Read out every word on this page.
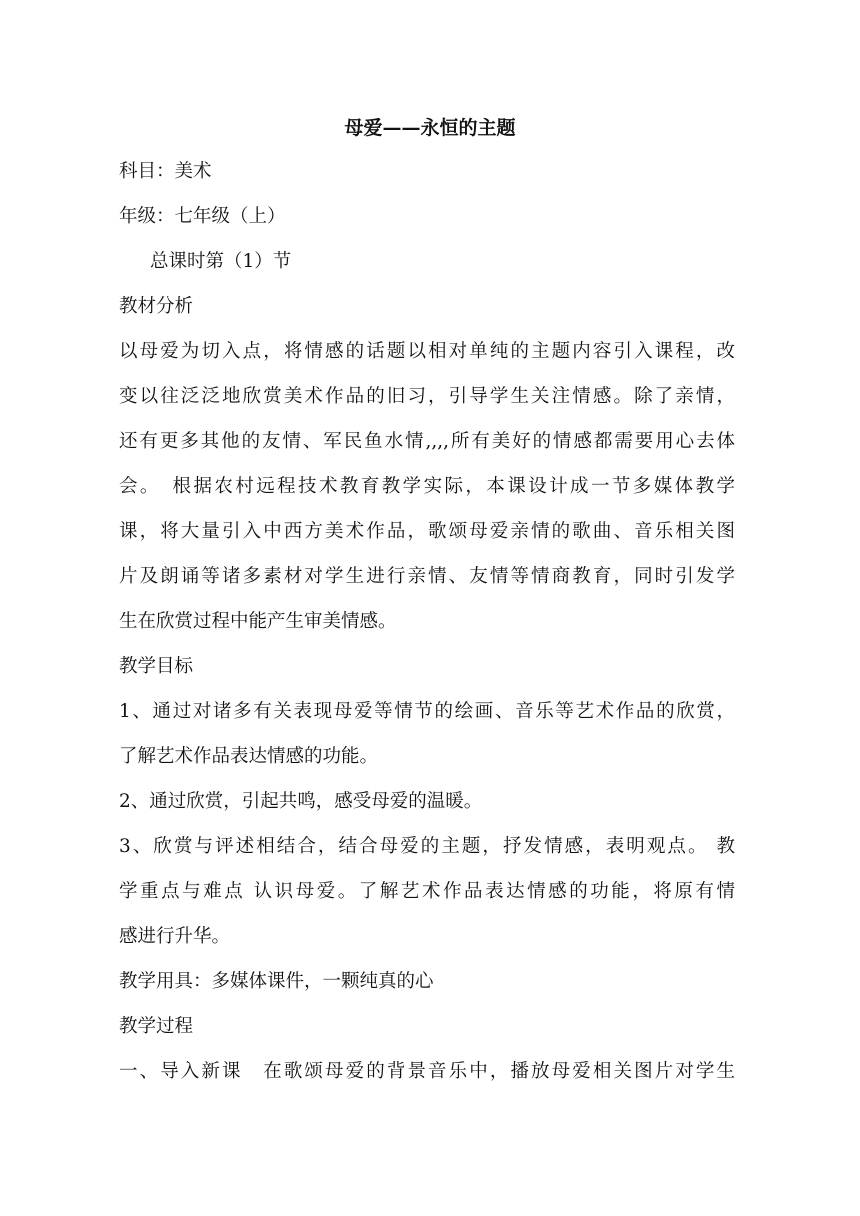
母爱——永恒的主题
科目：美术
年级：七年级（上）
总课时第（1）节
教材分析
以母爱为切入点，将情感的话题以相对单纯的主题内容引入课程，改
变以往泛泛地欣赏美术作品的旧习，引导学生关注情感。除了亲情，
还有更多其他的友情、军民鱼水情,,,,所有美好的情感都需要用心去体
会。　根据农村远程技术教育教学实际，本课设计成一节多媒体教学
课，将大量引入中西方美术作品，歌颂母爱亲情的歌曲、音乐相关图
片及朗诵等诸多素材对学生进行亲情、友情等情商教育，同时引发学
生在欣赏过程中能产生审美情感。
教学目标
1、通过对诸多有关表现母爱等情节的绘画、音乐等艺术作品的欣赏，
了解艺术作品表达情感的功能。
2、通过欣赏，引起共鸣，感受母爱的温暖。
3、欣赏与评述相结合，结合母爱的主题，抒发情感，表明观点。 教
学重点与难点 认识母爱。了解艺术作品表达情感的功能，将原有情
感进行升华。
教学用具：多媒体课件，一颗纯真的心
教学过程
一、导入新课　在歌颂母爱的背景音乐中，播放母爱相关图片对学生
